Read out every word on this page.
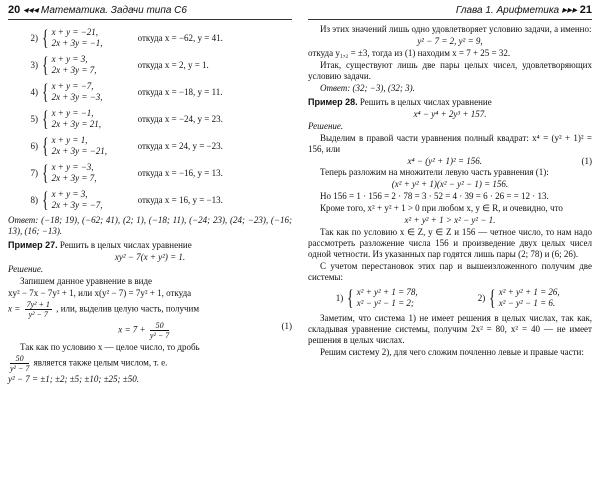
20 ◂◂◂ Математика. Задачи типа С6
2) { x + y = −21,
2x + 3y = −1,
откуда x = −62, y = 41.
3) { x + y = 3,
2x + 3y = 7,
откуда x = 2, y = 1.
4) { x + y = −7,
2x + 3y = −3,
откуда x = −18, y = 11.
5) { x + y = −1,
2x + 3y = 21,
откуда x = −24, y = 23.
6) { x + y = 1,
2x + 3y = −21,
откуда x = 24, y = −23.
7) { x + y = −3,
2x + 3y = 7,
откуда x = −16, y = 13.
8) { x + y = 3,
2x + 3y = −7,
откуда x = 16, y = −13.

Ответ: (−18; 19), (−62; 41), (2; 1), (−18; 11), (−24; 23), (24; −23), (−16; 13), (16; −13).

Пример 27. Решить в целых числах уравнение

xy² − 7(x + y²) = 1.

Решение.

Запишем данное уравнение в виде

xy² − 7x − 7y² + 1, или x(y² − 7) = 7y² + 1, откуда

$x = \frac{\text{7y² + 1}}{\text{y² − 7}}$ , или, выделив целую часть, получим

$x = 7 + \frac{50}{\text{y² − 7}}$	(1)

Так как по условию x — целое число, то дробь

$\frac{50}{\text{y² − 7}}$ является также целым числом, т. е.

y² − 7 = ±1; ±2; ±5; ±10; ±25; ±50.

Глава 1. Арифметика ▸▸▸ 21

Из этих значений лишь одно удовлетворяет условию задачи, а именно:

y² − 7 = 2, y² = 9,

откуда y₁,₂ = ±3, тогда из (1) находим x = 7 + 25 = 32.

Итак, существуют лишь две пары целых чисел, удовлетворяющих условию задачи.

Ответ: (32; −3), (32; 3).

Пример 28. Решить в целых числах уравнение

x⁴ − y⁴ + 2y³ + 157.

Решение.

Выделим в правой части уравнения полный квадрат: x⁴ = (y² + 1)² = 156, или

x⁴ − (y² + 1)² = 156.	(1)

Теперь разложим на множители левую часть уравнения (1):

(x² + y² + 1)(x² − y² − 1) = 156.

Но 156 = 1 · 156 = 2 · 78 = 3 · 52 = 4 · 39 = 6 · 26 = = 12 · 13.

Кроме того, x² + y² + 1 > 0 при любом x, y ∈ R, и очевидно, что

x² + y² + 1 > x² − y² − 1.

Так как по условию x ∈ Z, y ∈ Z и 156 — четное число, то нам надо рассмотреть разложение числа 156 и произведение двух целых чисел одной четности. Из указанных пар годятся лишь пары (2; 78) и (6; 26).

С учетом перестановок этих пар и вышеизложенного получим две системы:

1) { x² + y² + 1 = 78,
x² − y² − 1 = 2;
2) { x² + y² + 1 = 26,
x² − y² − 1 = 6.

Заметим, что система 1) не имеет решения в целых числах, так как, складывая уравнение системы, получим 2x² = 80, x² = 40 — не имеет решения в целых числах.

Решим систему 2), для чего сложим почленно левые и правые части:
